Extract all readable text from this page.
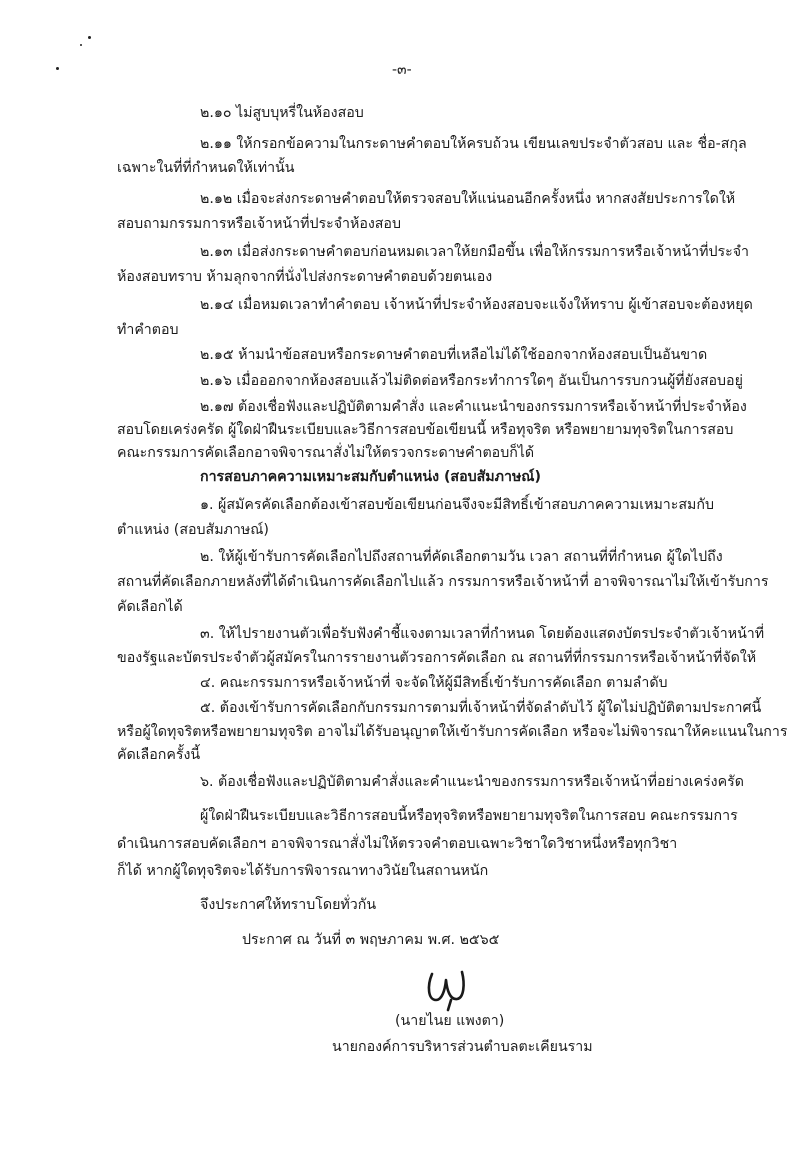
-๓-
๒.๑๐ ไม่สูบบุหรี่ในห้องสอบ
๒.๑๑ ให้กรอกข้อความในกระดาษคำตอบให้ครบถ้วน เขียนเลขประจำตัวสอบ และ ชื่อ-สกุล
เฉพาะในที่ที่กำหนดให้เท่านั้น
๒.๑๒ เมื่อจะส่งกระดาษคำตอบให้ตรวจสอบให้แน่นอนอีกครั้งหนึ่ง หากสงสัยประการใดให้
สอบถามกรรมการหรือเจ้าหน้าที่ประจำห้องสอบ
๒.๑๓ เมื่อส่งกระดาษคำตอบก่อนหมดเวลาให้ยกมือขึ้น เพื่อให้กรรมการหรือเจ้าหน้าที่ประจำ
ห้องสอบทราบ ห้ามลุกจากที่นั่งไปส่งกระดาษคำตอบด้วยตนเอง
๒.๑๔ เมื่อหมดเวลาทำคำตอบ เจ้าหน้าที่ประจำห้องสอบจะแจ้งให้ทราบ ผู้เข้าสอบจะต้องหยุด
ทำคำตอบ
๒.๑๕ ห้ามนำข้อสอบหรือกระดาษคำตอบที่เหลือไม่ได้ใช้ออกจากห้องสอบเป็นอันขาด
๒.๑๖ เมื่อออกจากห้องสอบแล้วไม่ติดต่อหรือกระทำการใดๆ อันเป็นการรบกวนผู้ที่ยังสอบอยู่
๒.๑๗ ต้องเชื่อฟังและปฏิบัติตามคำสั่ง และคำแนะนำของกรรมการหรือเจ้าหน้าที่ประจำห้อง
สอบโดยเคร่งครัด ผู้ใดฝ่าฝืนระเบียบและวิธีการสอบข้อเขียนนี้ หรือทุจริต หรือพยายามทุจริตในการสอบ
คณะกรรมการคัดเลือกอาจพิจารณาสั่งไม่ให้ตรวจกระดาษคำตอบก็ได้
การสอบภาคความเหมาะสมกับตำแหน่ง (สอบสัมภาษณ์)
๑. ผู้สมัครคัดเลือกต้องเข้าสอบข้อเขียนก่อนจึงจะมีสิทธิ์เข้าสอบภาคความเหมาะสมกับ
ตำแหน่ง (สอบสัมภาษณ์)
๒. ให้ผู้เข้ารับการคัดเลือกไปถึงสถานที่คัดเลือกตามวัน เวลา สถานที่ที่กำหนด ผู้ใดไปถึง
สถานที่คัดเลือกภายหลังที่ได้ดำเนินการคัดเลือกไปแล้ว กรรมการหรือเจ้าหน้าที่ อาจพิจารณาไม่ให้เข้ารับการ
คัดเลือกได้
๓. ให้ไปรายงานตัวเพื่อรับฟังคำชี้แจงตามเวลาที่กำหนด โดยต้องแสดงบัตรประจำตัวเจ้าหน้าที่
ของรัฐและบัตรประจำตัวผู้สมัครในการรายงานตัวรอการคัดเลือก ณ สถานที่ที่กรรมการหรือเจ้าหน้าที่จัดให้
๔. คณะกรรมการหรือเจ้าหน้าที่ จะจัดให้ผู้มีสิทธิ์เข้ารับการคัดเลือก ตามลำดับ
๕. ต้องเข้ารับการคัดเลือกกับกรรมการตามที่เจ้าหน้าที่จัดลำดับไว้ ผู้ใดไม่ปฏิบัติตามประกาศนี้
หรือผู้ใดทุจริตหรือพยายามทุจริต อาจไม่ได้รับอนุญาตให้เข้ารับการคัดเลือก หรือจะไม่พิจารณาให้คะแนนในการ
คัดเลือกครั้งนี้
๖. ต้องเชื่อฟังและปฏิบัติตามคำสั่งและคำแนะนำของกรรมการหรือเจ้าหน้าที่อย่างเคร่งครัด
ผู้ใดฝ่าฝืนระเบียบและวิธีการสอบนี้หรือทุจริตหรือพยายามทุจริตในการสอบ คณะกรรมการ
ดำเนินการสอบคัดเลือกฯ อาจพิจารณาสั่งไม่ให้ตรวจคำตอบเฉพาะวิชาใดวิชาหนึ่งหรือทุกวิชา
ก็ได้ หากผู้ใดทุจริตจะได้รับการพิจารณาทางวินัยในสถานหนัก
จึงประกาศให้ทราบโดยทั่วกัน
ประกาศ ณ วันที่ ๓ พฤษภาคม พ.ศ. ๒๕๖๕
(นายไนย แพงตา)
นายกองค์การบริหารส่วนตำบลตะเคียนราม
